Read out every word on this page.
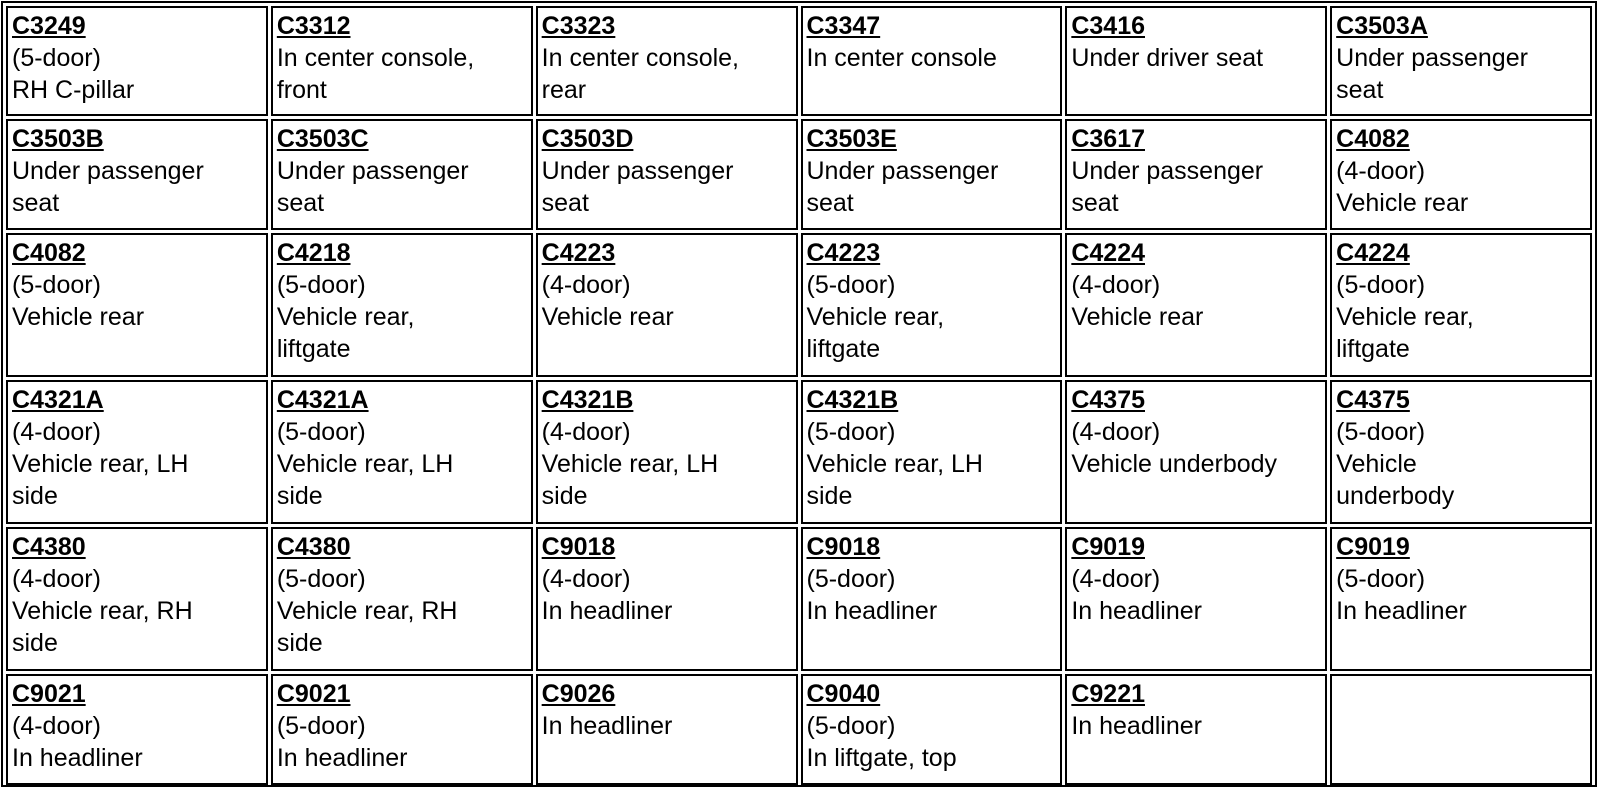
C3249
(5-door)
RH C-pillar
C3312
In center console,
front
C3323
In center console,
rear
C3347
In center console
C3416
Under driver seat
C3503A
Under passenger
seat
C3503B
Under passenger
seat
C3503C
Under passenger
seat
C3503D
Under passenger
seat
C3503E
Under passenger
seat
C3617
Under passenger
seat
C4082
(4-door)
Vehicle rear
C4082
(5-door)
Vehicle rear
C4218
(5-door)
Vehicle rear,
liftgate
C4223
(4-door)
Vehicle rear
C4223
(5-door)
Vehicle rear,
liftgate
C4224
(4-door)
Vehicle rear
C4224
(5-door)
Vehicle rear,
liftgate
C4321A
(4-door)
Vehicle rear, LH
side
C4321A
(5-door)
Vehicle rear, LH
side
C4321B
(4-door)
Vehicle rear, LH
side
C4321B
(5-door)
Vehicle rear, LH
side
C4375
(4-door)
Vehicle underbody
C4375
(5-door)
Vehicle
underbody
C4380
(4-door)
Vehicle rear, RH
side
C4380
(5-door)
Vehicle rear, RH
side
C9018
(4-door)
In headliner
C9018
(5-door)
In headliner
C9019
(4-door)
In headliner
C9019
(5-door)
In headliner
C9021
(4-door)
In headliner
C9021
(5-door)
In headliner
C9026
In headliner
C9040
(5-door)
In liftgate, top
C9221
In headliner
